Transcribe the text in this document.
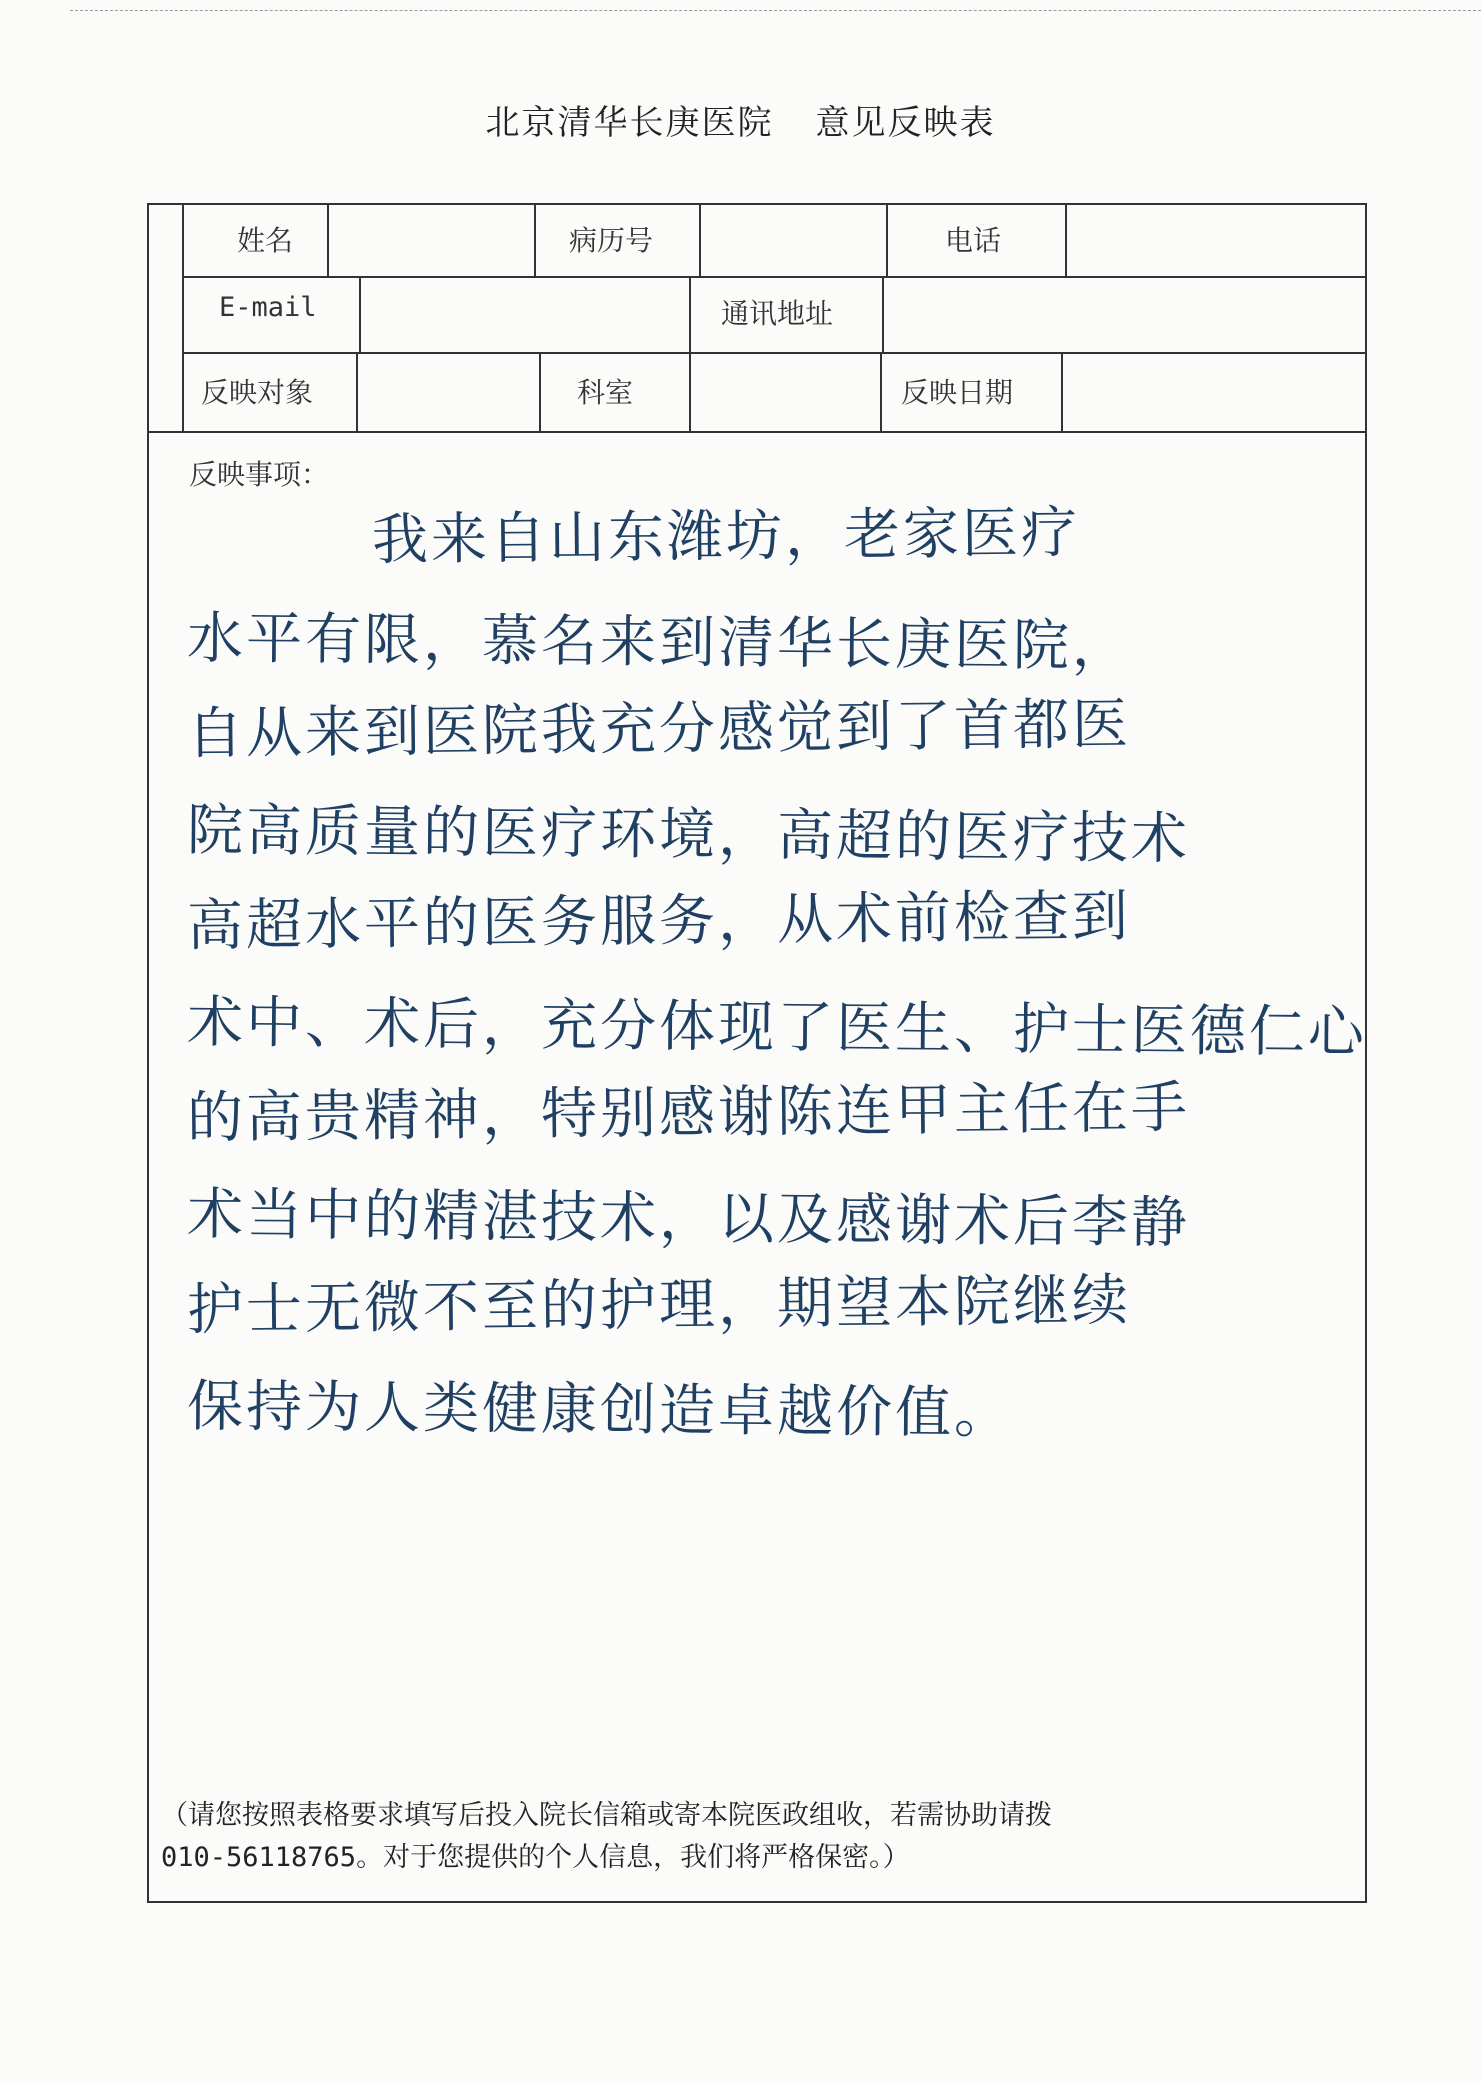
北京清华长庚医院 意见反映表
姓名	病历号	电话
E-mail	通讯地址
反映对象	科室	反映日期
反映事项：
我来自山东潍坊，老家医疗
水平有限，慕名来到清华长庚医院，
自从来到医院我充分感觉到了首都医
院高质量的医疗环境，高超的医疗技术
高超水平的医务服务，从术前检查到
术中、术后，充分体现了医生、护士医德仁心
的高贵精神，特别感谢陈连甲主任在手
术当中的精湛技术，以及感谢术后李静
护士无微不至的护理，期望本院继续
保持为人类健康创造卓越价值。
（请您按照表格要求填写后投入院长信箱或寄本院医政组收，若需协助请拨
010-56118765。对于您提供的个人信息，我们将严格保密。）
